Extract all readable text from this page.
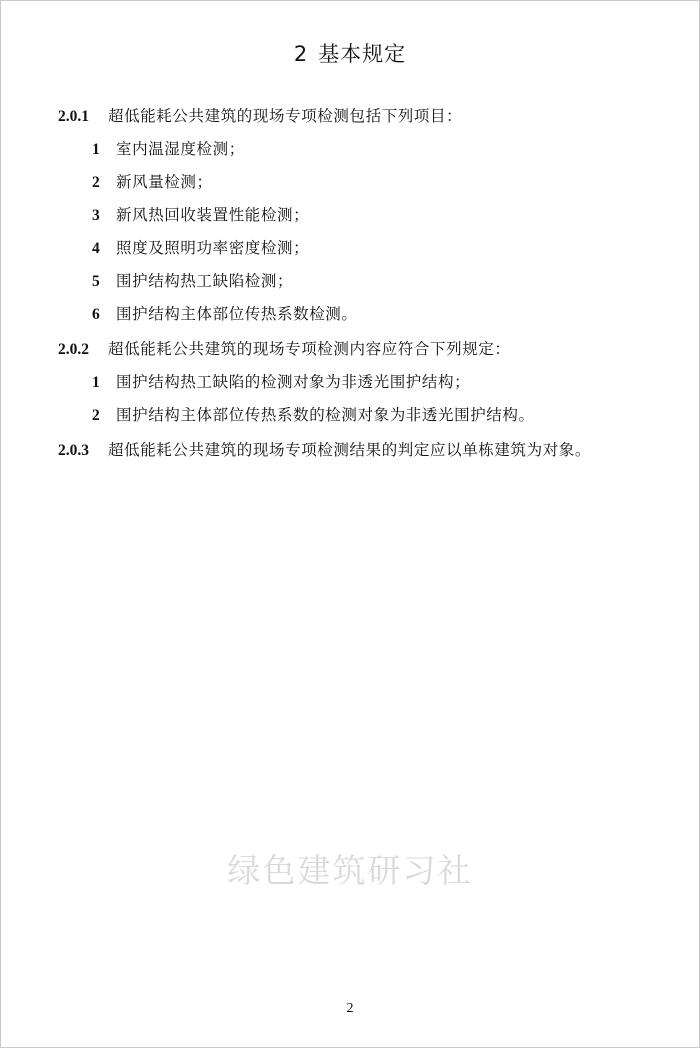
2 基本规定
2.0.1 超低能耗公共建筑的现场专项检测包括下列项目：
1 室内温湿度检测；
2 新风量检测；
3 新风热回收装置性能检测；
4 照度及照明功率密度检测；
5 围护结构热工缺陷检测；
6 围护结构主体部位传热系数检测。
2.0.2 超低能耗公共建筑的现场专项检测内容应符合下列规定：
1 围护结构热工缺陷的检测对象为非透光围护结构；
2 围护结构主体部位传热系数的检测对象为非透光围护结构。
2.0.3 超低能耗公共建筑的现场专项检测结果的判定应以单栋建筑为对象。
绿色建筑研习社
2
